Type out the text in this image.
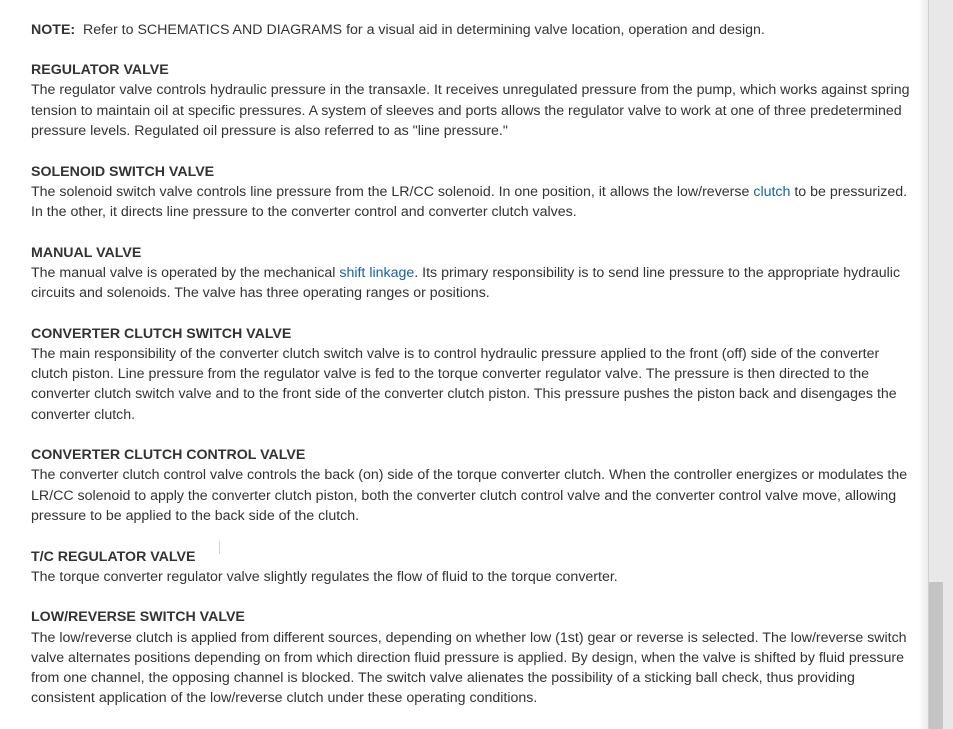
NOTE: Refer to SCHEMATICS AND DIAGRAMS for a visual aid in determining valve location, operation and design.

REGULATOR VALVE

The regulator valve controls hydraulic pressure in the transaxle. It receives unregulated pressure from the pump, which works against spring tension to maintain oil at specific pressures. A system of sleeves and ports allows the regulator valve to work at one of three predetermined pressure levels. Regulated oil pressure is also referred to as "line pressure."

SOLENOID SWITCH VALVE

The solenoid switch valve controls line pressure from the LR/CC solenoid. In one position, it allows the low/reverse clutch to be pressurized. In the other, it directs line pressure to the converter control and converter clutch valves.

MANUAL VALVE

The manual valve is operated by the mechanical shift linkage. Its primary responsibility is to send line pressure to the appropriate hydraulic circuits and solenoids. The valve has three operating ranges or positions.

CONVERTER CLUTCH SWITCH VALVE

The main responsibility of the converter clutch switch valve is to control hydraulic pressure applied to the front (off) side of the converter clutch piston. Line pressure from the regulator valve is fed to the torque converter regulator valve. The pressure is then directed to the converter clutch switch valve and to the front side of the converter clutch piston. This pressure pushes the piston back and disengages the converter clutch.

CONVERTER CLUTCH CONTROL VALVE

The converter clutch control valve controls the back (on) side of the torque converter clutch. When the controller energizes or modulates the LR/CC solenoid to apply the converter clutch piston, both the converter clutch control valve and the converter control valve move, allowing pressure to be applied to the back side of the clutch.

T/C REGULATOR VALVE

The torque converter regulator valve slightly regulates the flow of fluid to the torque converter.

LOW/REVERSE SWITCH VALVE

The low/reverse clutch is applied from different sources, depending on whether low (1st) gear or reverse is selected. The low/reverse switch valve alternates positions depending on from which direction fluid pressure is applied. By design, when the valve is shifted by fluid pressure from one channel, the opposing channel is blocked. The switch valve alienates the possibility of a sticking ball check, thus providing consistent application of the low/reverse clutch under these operating conditions.
